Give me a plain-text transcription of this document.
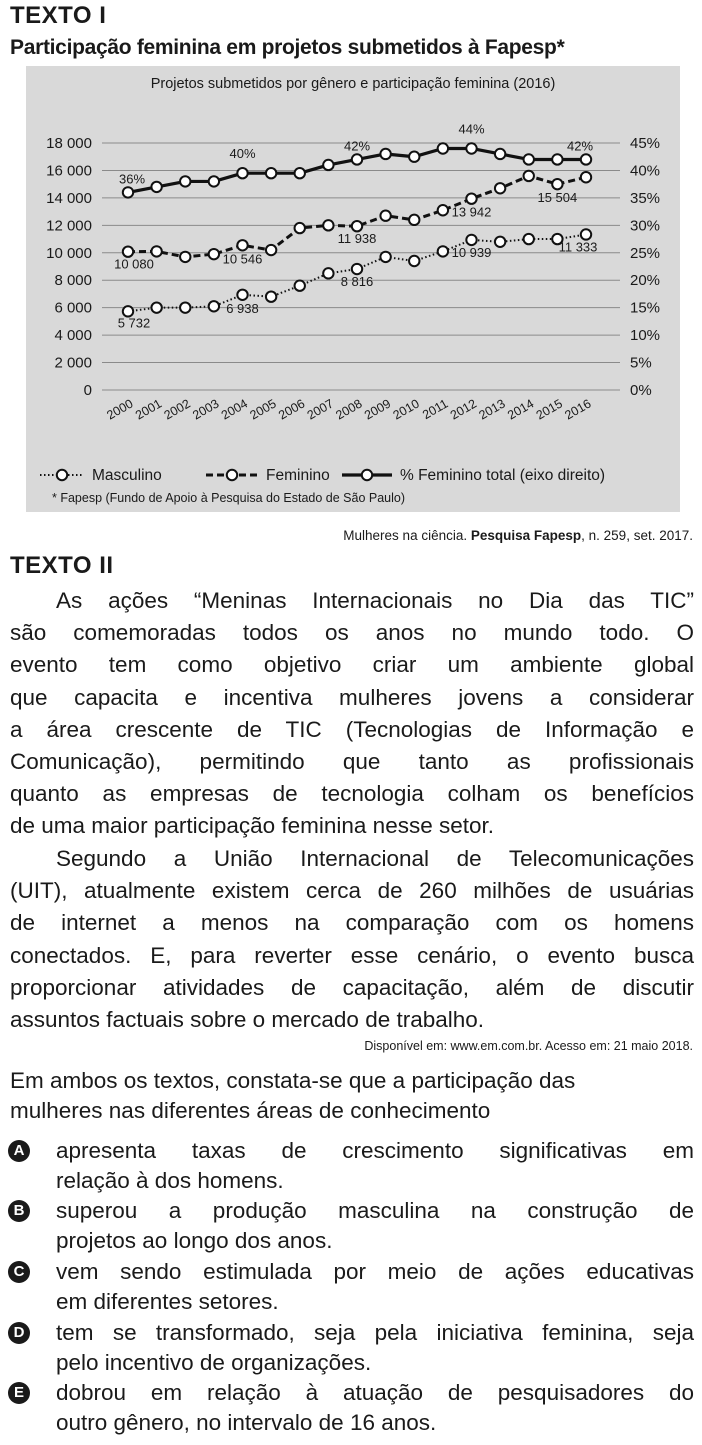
TEXTO I
Participação feminina em projetos submetidos à Fapesp*
Projetos submetidos por gênero e participação feminina (2016)
18 000
16 000
14 000
12 000
10 000
8 000
6 000
4 000
2 000
0
45%
40%
35%
30%
25%
20%
15%
10%
5%
0%
2000
2001
2002
2003
2004
2005
2006
2007
2008
2009
2010
2011
2012
2013
2014
2015
2016
5 732
6 938
8 816
10 939	11 333
10 080	10 546
11 938
13 942
15 504
36%
40%
42%
44%
42%
Masculino	Feminino	% Feminino total (eixo direito)
* Fapesp (Fundo de Apoio à Pesquisa do Estado de São Paulo)
Mulheres na ciência. Pesquisa Fapesp, n. 259, set. 2017.
TEXTO II
As ações “Meninas Internacionais no Dia das TIC”
são comemoradas todos os anos no mundo todo. O
evento tem como objetivo criar um ambiente global
que capacita e incentiva mulheres jovens a considerar
a área crescente de TIC (Tecnologias de Informação e
Comunicação), permitindo que tanto as profissionais
quanto as empresas de tecnologia colham os benefícios
de uma maior participação feminina nesse setor.
Segundo a União Internacional de Telecomunicações
(UIT), atualmente existem cerca de 260 milhões de usuárias
de internet a menos na comparação com os homens
conectados. E, para reverter esse cenário, o evento busca
proporcionar atividades de capacitação, além de discutir
assuntos factuais sobre o mercado de trabalho.
Disponível em: www.em.com.br. Acesso em: 21 maio 2018.
Em ambos os textos, constata-se que a participação das
mulheres nas diferentes áreas de conhecimento
A apresenta taxas de crescimento significativas em
relação à dos homens.
B superou a produção masculina na construção de
projetos ao longo dos anos.
C vem sendo estimulada por meio de ações educativas
em diferentes setores.
D tem se transformado, seja pela iniciativa feminina, seja
pelo incentivo de organizações.
E dobrou em relação à atuação de pesquisadores do
outro gênero, no intervalo de 16 anos.
